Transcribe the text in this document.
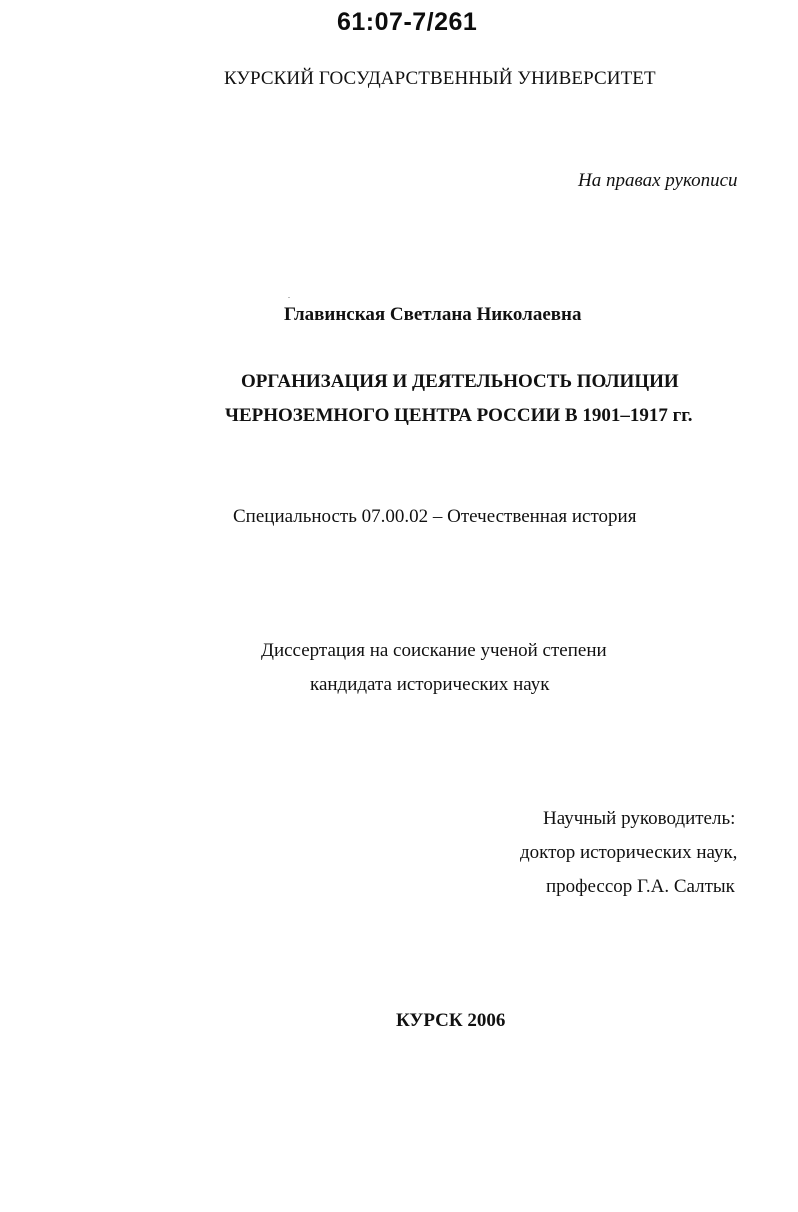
61:07-7/261
КУРСКИЙ ГОСУДАРСТВЕННЫЙ УНИВЕРСИТЕТ
На правах рукописи
Главинская Светлана Николаевна
ОРГАНИЗАЦИЯ И ДЕЯТЕЛЬНОСТЬ ПОЛИЦИИ
ЧЕРНОЗЕМНОГО ЦЕНТРА РОССИИ В 1901–1917 гг.
Специальность 07.00.02 – Отечественная история
Диссертация на соискание ученой степени
кандидата исторических наук
Научный руководитель:
доктор исторических наук,
профессор Г.А. Салтык
КУРСК 2006
